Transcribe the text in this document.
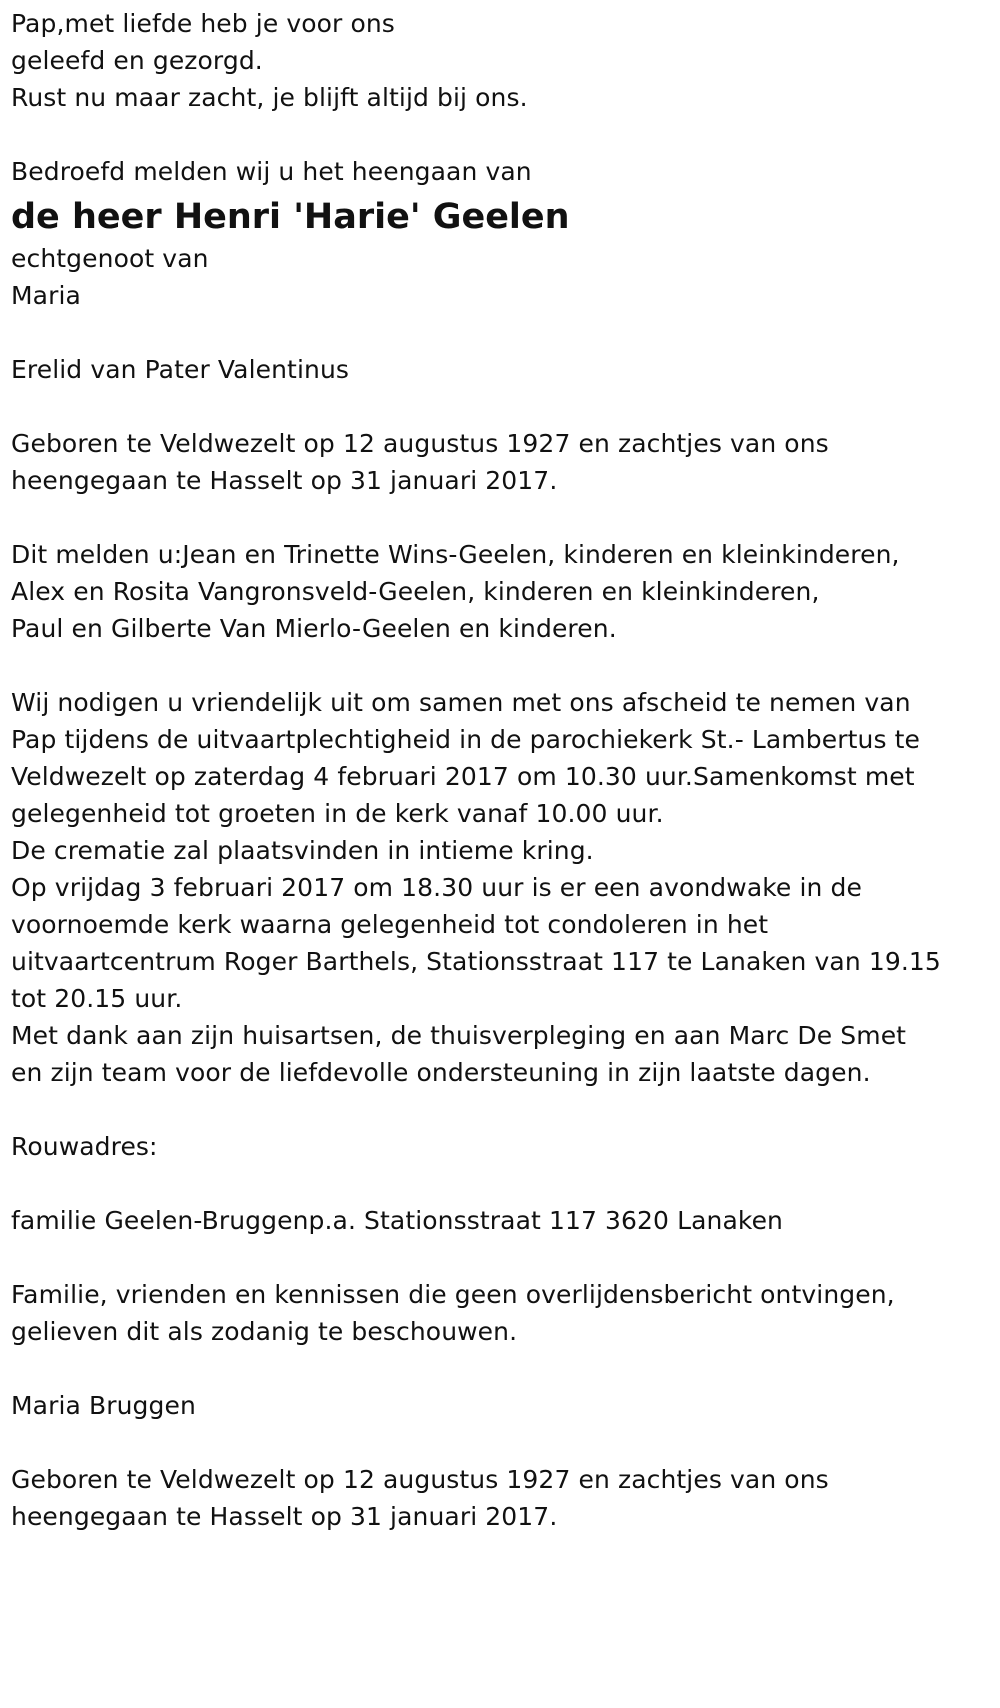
Pap,met liefde heb je voor ons
geleefd en gezorgd.
Rust nu maar zacht, je blijft altijd bij ons.
Bedroefd melden wij u het heengaan van
de heer Henri 'Harie' Geelen
echtgenoot van
Maria
Erelid van Pater Valentinus
Geboren te Veldwezelt op 12 augustus 1927 en zachtjes van ons
heengegaan te Hasselt op 31 januari 2017.
Dit melden u:Jean en Trinette Wins-Geelen, kinderen en kleinkinderen,
Alex en Rosita Vangronsveld-Geelen, kinderen en kleinkinderen,
Paul en Gilberte Van Mierlo-Geelen en kinderen.
Wij nodigen u vriendelijk uit om samen met ons afscheid te nemen van
Pap tijdens de uitvaartplechtigheid in de parochiekerk St.- Lambertus te
Veldwezelt op zaterdag 4 februari 2017 om 10.30 uur.Samenkomst met
gelegenheid tot groeten in de kerk vanaf 10.00 uur.
De crematie zal plaatsvinden in intieme kring.
Op vrijdag 3 februari 2017 om 18.30 uur is er een avondwake in de
voornoemde kerk waarna gelegenheid tot condoleren in het
uitvaartcentrum Roger Barthels, Stationsstraat 117 te Lanaken van 19.15
tot 20.15 uur.
Met dank aan zijn huisartsen, de thuisverpleging en aan Marc De Smet
en zijn team voor de liefdevolle ondersteuning in zijn laatste dagen.
Rouwadres:
familie Geelen-Bruggenp.a. Stationsstraat 117 3620 Lanaken
Familie, vrienden en kennissen die geen overlijdensbericht ontvingen,
gelieven dit als zodanig te beschouwen.
Maria Bruggen
Geboren te Veldwezelt op 12 augustus 1927 en zachtjes van ons
heengegaan te Hasselt op 31 januari 2017.
